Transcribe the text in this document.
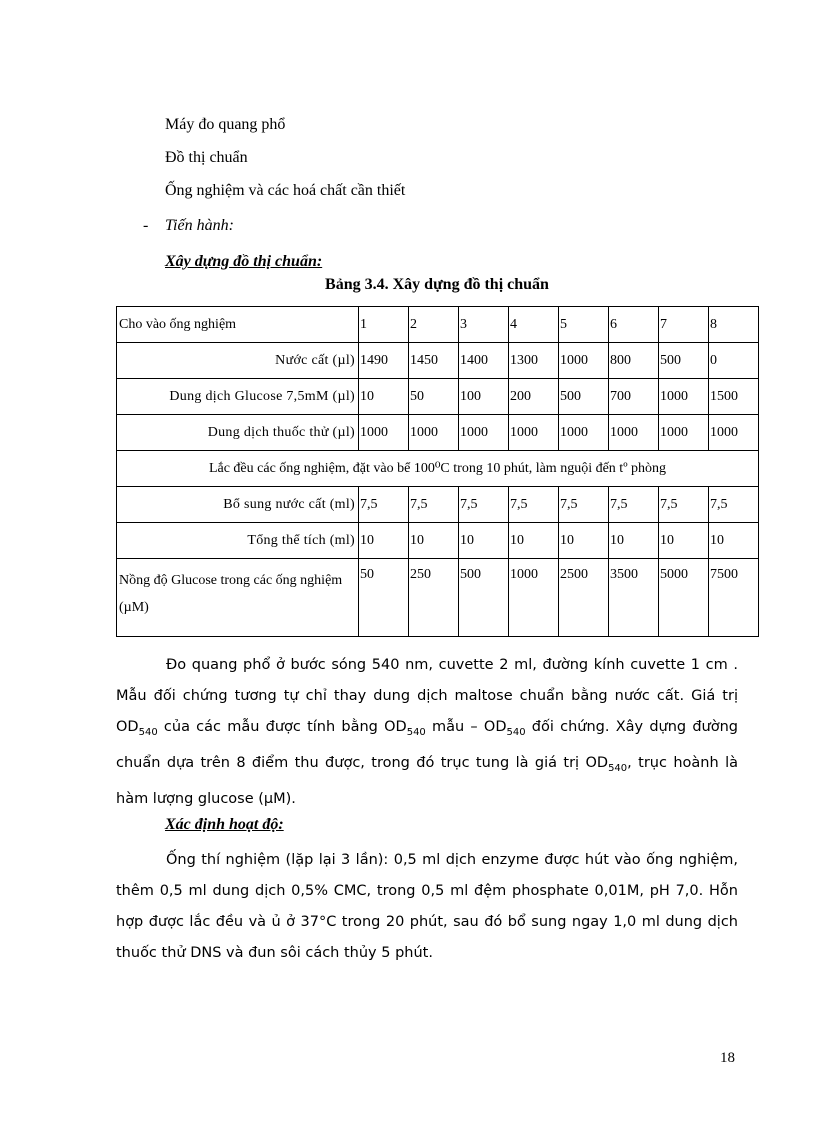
Máy đo quang phổ
Đồ thị chuẩn
Ống nghiệm và các hoá chất cần thiết
- Tiến hành:
Xây dựng đồ thị chuẩn:
Bảng 3.4. Xây dựng đồ thị chuẩn
Cho vào ống nghiệm	1	2	3	4	5	6	7	8
Nước cất (µl)	1490	1450	1400	1300	1000	800	500	0
Dung dịch Glucose 7,5mM (µl)	10	50	100	200	500	700	1000	1500
Dung dịch thuốc thử (µl)	1000	1000	1000	1000	1000	1000	1000	1000
Lắc đều các ống nghiệm, đặt vào bể 100⁰C trong 10 phút, làm nguội đến tº phòng								
Bổ sung nước cất (ml)	7,5	7,5	7,5	7,5	7,5	7,5	7,5	7,5
Tổng thể tích (ml)	10	10	10	10	10	10	10	10
Nồng độ Glucose trong các ống nghiệm (µM)	50	250	500	1000	2500	3500	5000	7500

Đo quang phổ ở bước sóng 540 nm, cuvette 2 ml, đường kính cuvette 1 cm . Mẫu đối chứng tương tự chỉ thay dung dịch maltose chuẩn bằng nước cất. Giá trị $OD_{540}$ của các mẫu được tính bằng $OD_{540}$ mẫu – $OD_{540}$ đối chứng. Xây dựng đường chuẩn dựa trên 8 điểm thu được, trong đó trục tung là giá trị $OD_{540}$, trục hoành là hàm lượng glucose (µM).

Xác định hoạt độ:

Ống thí nghiệm (lặp lại 3 lần): 0,5 ml dịch enzyme được hút vào ống nghiệm, thêm 0,5 ml dung dịch 0,5% CMC, trong 0,5 ml đệm phosphate 0,01M, pH 7,0. Hỗn hợp được lắc đều và ủ ở 37°C trong 20 phút, sau đó bổ sung ngay 1,0 ml dung dịch thuốc thử DNS và đun sôi cách thủy 5 phút.

18
